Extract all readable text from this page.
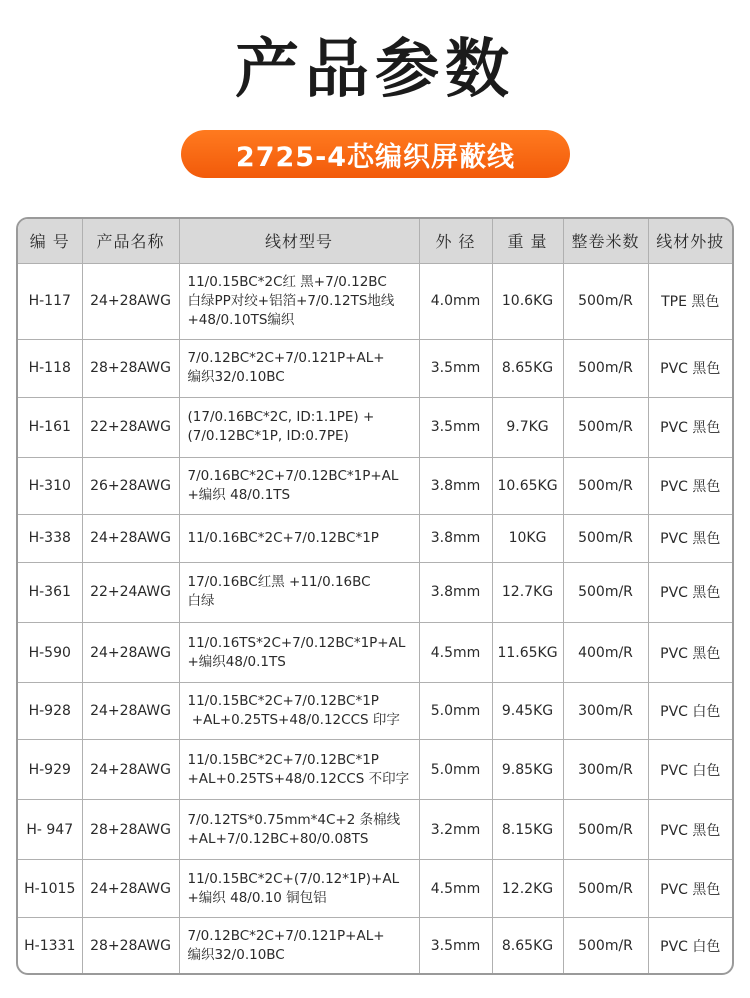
产品参数
2725-4芯编织屏蔽线
编 号	产品名称	线材型号	外 径	重 量	整卷米数	线材外披
H-117	24+28AWG	11/0.15BC*2C红 黑+7/0.12BC
白绿PP对绞+铝箔+7/0.12TS地线
+48/0.10TS编织	4.0mm	10.6KG	500m/R	TPE 黑色
H-118	28+28AWG	7/0.12BC*2C+7/0.121P+AL+
编织32/0.10BC	3.5mm	8.65KG	500m/R	PVC 黑色
H-161	22+28AWG	(17/0.16BC*2C, ID:1.1PE) +
(7/0.12BC*1P, ID:0.7PE)	3.5mm	9.7KG	500m/R	PVC 黑色
H-310	26+28AWG	7/0.16BC*2C+7/0.12BC*1P+AL
+编织 48/0.1TS	3.8mm	10.65KG	500m/R	PVC 黑色
H-338	24+28AWG	11/0.16BC*2C+7/0.12BC*1P	3.8mm	10KG	500m/R	PVC 黑色
H-361	22+24AWG	17/0.16BC红黑 +11/0.16BC
白绿	3.8mm	12.7KG	500m/R	PVC 黑色
H-590	24+28AWG	11/0.16TS*2C+7/0.12BC*1P+AL
+编织48/0.1TS	4.5mm	11.65KG	400m/R	PVC 黑色
H-928	24+28AWG	11/0.15BC*2C+7/0.12BC*1P
+AL+0.25TS+48/0.12CCS 印字	5.0mm	9.45KG	300m/R	PVC 白色
H-929	24+28AWG	11/0.15BC*2C+7/0.12BC*1P
+AL+0.25TS+48/0.12CCS 不印字	5.0mm	9.85KG	300m/R	PVC 白色
H- 947	28+28AWG	7/0.12TS*0.75mm*4C+2 条棉线
+AL+7/0.12BC+80/0.08TS	3.2mm	8.15KG	500m/R	PVC 黑色
H-1015	24+28AWG	11/0.15BC*2C+(7/0.12*1P)+AL
+编织 48/0.10 铜包铝	4.5mm	12.2KG	500m/R	PVC 黑色
H-1331	28+28AWG	7/0.12BC*2C+7/0.121P+AL+
编织32/0.10BC	3.5mm	8.65KG	500m/R	PVC 白色
